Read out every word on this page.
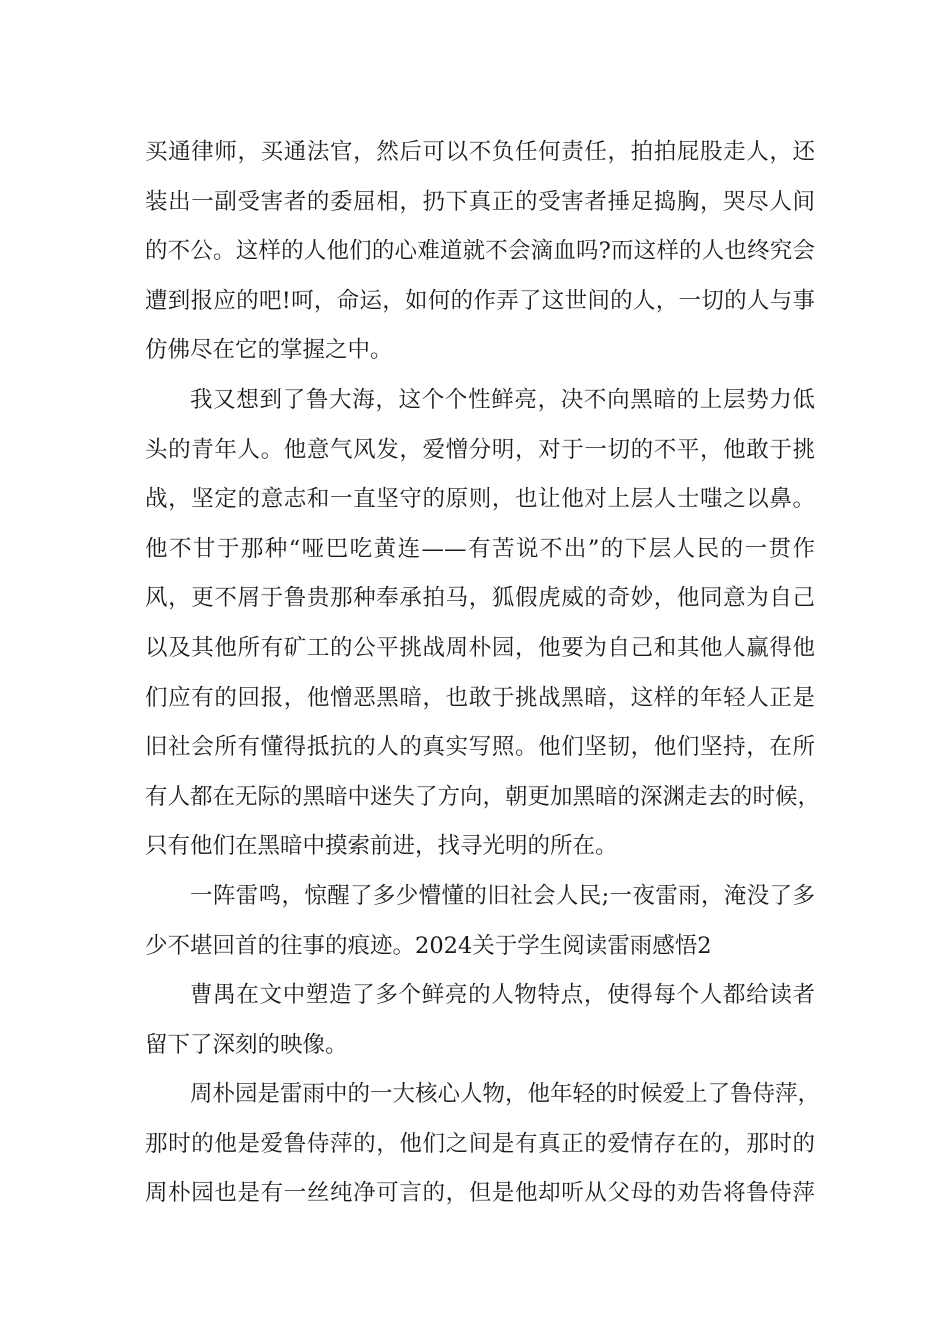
买通律师，买通法官，然后可以不负任何责任，拍拍屁股走人，还
装出一副受害者的委屈相，扔下真正的受害者捶足捣胸，哭尽人间
的不公。这样的人他们的心难道就不会滴血吗?而这样的人也终究会
遭到报应的吧!呵，命运，如何的作弄了这世间的人，一切的人与事
仿佛尽在它的掌握之中。
我又想到了鲁大海，这个个性鲜亮，决不向黑暗的上层势力低
头的青年人。他意气风发，爱憎分明，对于一切的不平，他敢于挑
战，坚定的意志和一直坚守的原则，也让他对上层人士嗤之以鼻。
他不甘于那种“哑巴吃黄连——有苦说不出”的下层人民的一贯作
风，更不屑于鲁贵那种奉承拍马，狐假虎威的奇妙，他同意为自己
以及其他所有矿工的公平挑战周朴园，他要为自己和其他人赢得他
们应有的回报，他憎恶黑暗，也敢于挑战黑暗，这样的年轻人正是
旧社会所有懂得抵抗的人的真实写照。他们坚韧，他们坚持，在所
有人都在无际的黑暗中迷失了方向，朝更加黑暗的深渊走去的时候，
只有他们在黑暗中摸索前进，找寻光明的所在。
一阵雷鸣，惊醒了多少懵懂的旧社会人民;一夜雷雨，淹没了多
少不堪回首的往事的痕迹。2024关于学生阅读雷雨感悟2
曹禺在文中塑造了多个鲜亮的人物特点，使得每个人都给读者
留下了深刻的映像。
周朴园是雷雨中的一大核心人物，他年轻的时候爱上了鲁侍萍，
那时的他是爱鲁侍萍的，他们之间是有真正的爱情存在的，那时的
周朴园也是有一丝纯净可言的，但是他却听从父母的劝告将鲁侍萍
